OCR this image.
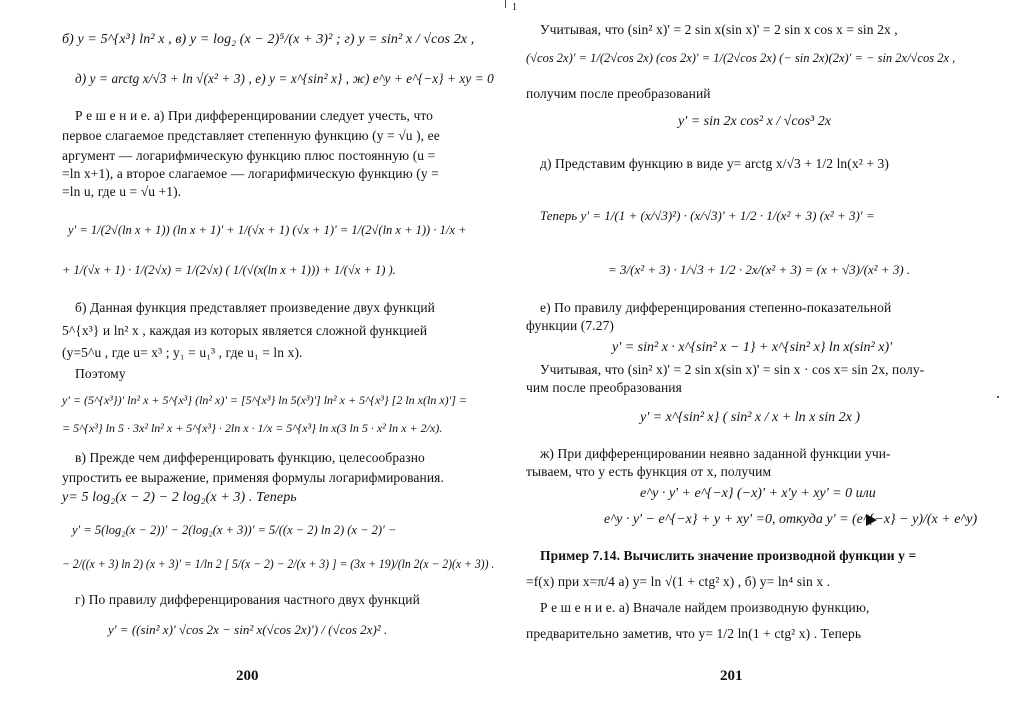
б) y = 5^{x³} ln² x , в) y = log₂ (x − 2)⁵/(x + 3)² ; г) y = sin² x / √cos 2x ,
д) y = arctg x/√3 + ln √(x² + 3) , е) y = x^{sin² x} , ж) e^y + e^{−x} + xy = 0
Р е ш е н и е. а) При дифференцировании следует учесть, что
первое слагаемое представляет степенную функцию (y = √u ), ее
аргумент — логарифмическую функцию плюс постоянную (u =
=ln x+1), а второе слагаемое — логарифмическую функцию (y =
=ln u, где u = √u +1).
y' = 1/(2√(ln x + 1)) (ln x + 1)' + 1/(√x + 1) (√x + 1)' = 1/(2√(ln x + 1)) · 1/x +
+ 1/(√x + 1) · 1/(2√x) = 1/(2√x) ( 1/(√(x(ln x + 1))) + 1/(√x + 1) ).
б) Данная функция представляет произведение двух функций
5^{x³} и ln² x , каждая из которых является сложной функцией
(y=5^u , где u= x³ ; y₁ = u₁³ , где u₁ = ln x).
Поэтому
y' = (5^{x³})' ln² x + 5^{x³} (ln² x)' = [5^{x³} ln 5(x³)'] ln² x + 5^{x³} [2 ln x(ln x)'] =
= 5^{x³} ln 5 · 3x² ln² x + 5^{x³} · 2ln x · 1/x = 5^{x³} ln x(3 ln 5 · x² ln x + 2/x).
в) Прежде чем дифференцировать функцию, целесообразно
упростить ее выражение, применяя формулы логарифмирования.
y= 5 log₂(x − 2) − 2 log₂(x + 3) . Теперь
y' = 5(log₂(x − 2))' − 2(log₂(x + 3))' = 5/((x − 2) ln 2) (x − 2)' −
− 2/((x + 3) ln 2) (x + 3)' = 1/ln 2 [ 5/(x − 2) − 2/(x + 3) ] = (3x + 19)/(ln 2(x − 2)(x + 3)) .
г) По правилу дифференцирования частного двух функций
y' = ((sin² x)' √cos 2x − sin² x(√cos 2x)') / (√cos 2x)² .
200
1
Учитывая, что (sin² x)' = 2 sin x(sin x)' = 2 sin x cos x = sin 2x ,
(√cos 2x)' = 1/(2√cos 2x) (cos 2x)' = 1/(2√cos 2x) (− sin 2x)(2x)' = − sin 2x/√cos 2x ,
получим после преобразований
y' = sin 2x cos² x / √cos³ 2x
д) Представим функцию в виде y= arctg x/√3 + 1/2 ln(x² + 3)
Теперь y' = 1/(1 + (x/√3)²) · (x/√3)' + 1/2 · 1/(x² + 3) (x² + 3)' =
= 3/(x² + 3) · 1/√3 + 1/2 · 2x/(x² + 3) = (x + √3)/(x² + 3) .
е) По правилу дифференцирования степенно-показательной
функции (7.27)
y' = sin² x · x^{sin² x − 1} + x^{sin² x} ln x(sin² x)'
Учитывая, что (sin² x)' = 2 sin x(sin x)' = sin x · cos x= sin 2x, полу-
чим после преобразования
y' = x^{sin² x} ( sin² x / x + ln x sin 2x )
ж) При дифференцировании неявно заданной функции учи-
тываем, что y есть функция от x, получим
e^y · y' + e^{−x} (−x)' + x'y + xy' = 0 или
e^y · y' − e^{−x} + y + xy' =0, откуда y' = (e^{−x} − y)/(x + e^y)
Пример 7.14. Вычислить значение производной функции y =
=f(x) при x=π/4 а) y= ln √(1 + ctg² x) , б) y= ln⁴ sin x .
Р е ш е н и е. а) Вначале найдем производную функцию,
предварительно заметив, что y= 1/2 ln(1 + ctg² x) . Теперь
201
